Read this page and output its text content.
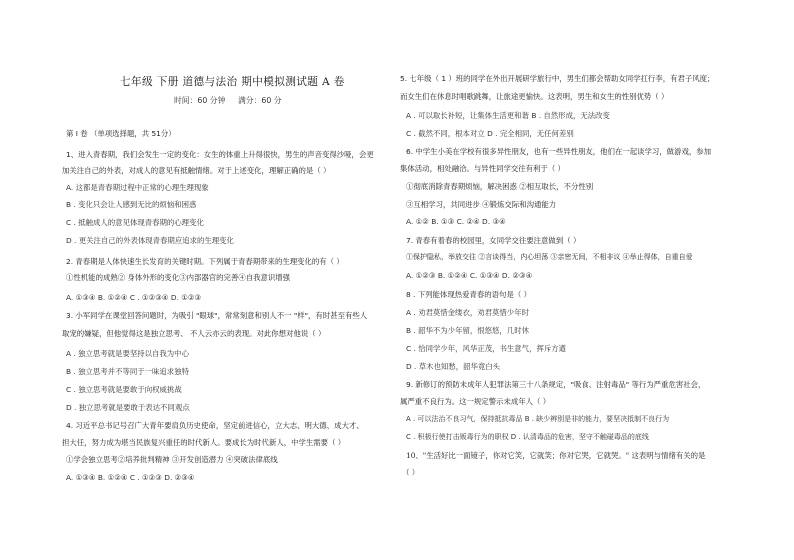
七年级 下册 道德与法治 期中模拟测试题 A 卷
时间：60 分钟 满分：60 分
第 I 卷 （单项选择题，共 51分）
1、进入青春期，我们会发生一定的变化：女生的体重上升得很快，男生的声音变得沙哑，会更
加关注自己的外表，对成人的意见有抵触情绪。对于上述变化，理解正确的是（ ）
A. 这都是青春期过程中正常的心理生理现象
B . 变化只会让人感到无比的烦恼和困惑
C . 抵触成人的意见体现青春期的心理变化
D . 更关注自己的外表体现青春期应追求的生理变化
2. 青春期是人体快速生长发育的关键时期。下列属于青春期带来的生理变化的有（ ）
①性机能的成熟② 身体外形的变化③内部器官的完善④自我意识增强
A. ①③④ B. ①②④ C . ①②③④ D. ①②③
3. 小军同学在课堂回答问题时，为吸引 "眼球"，常常刻意和别人不一 "样"，有时甚至有些人
取宠的嫌疑，但他觉得这是独立思考、 不人云亦云的表现。对此你想对他说（ ）
A . 独立思考就是要坚持以自我为中心
B . 独立思考并不等同于一味追求独特
C . 独立思考就是要敢于向权威挑战
D . 独立思考就是要敢于表达不同观点
4. 习近平总书记号召广大青年要肩负历史使命，坚定前进信心，立大志、明大德、成大才、
担大任，努力成为堪当民族复兴重任的时代新人。要成长为时代新人，中学生需要（ ）
①学会独立思考②培养批判精神 ③开发创造潜力 ④突破法律底线
A. ①③④ B. ①②④ C . ①②③ D. ②③④
5. 七年级（ 1 ）班的同学在外出开展研学旅行中，男生们都会帮助女同学扛行李，有君子风度；
而女生们在休息时唱歌跳舞，让旅途更愉快。这表明，男生和女生的性别优势（ ）
A . 可以取长补短，让集体生活更和谐 B . 自然形成，无法改变
C . 截然不同，根本对立 D . 完全相同，无任何差别
6. 中学生小美在学校有很多异性朋友，也有一些异性朋友，他们在一起谈学习，做游戏，参加
集体活动，相处融洽。与异性同学交往有利于（ ）
①彻底消除青春期烦恼，解决困惑 ②相互取长，不分性别
③互相学习，共同进步 ④锻炼交际和沟通能力
A. ①② B. ①③ C. ②④ D. ③④
7. 青春有着春的校园里，女同学交往要注意做到（ ）
①保护隐私，举放交往 ②言谈得当，内心坦荡 ③亲密无间，不相非议 ④举止得体，自重自爱
A. ①②③ B. ①②④ C. ①③④ D. ②③④
8 . 下列能体现热爱青春的语句是（ ）
A . 劝君莫惜金缕衣，劝君莫惜少年时
B . 韶华不为少年留，恨悠悠，几时休
C . 恰同学少年，风华正茂，书生意气，挥斥方遒
D . 草木也知愁，韶华竟白头
9. 新修订的预防未成年人犯罪法第三十八条规定，"吸食、注射毒品" 等行为严重危害社会，
属严重不良行为。这一规定警示未成年人（ ）
A . 可以法治不良习气，保持抵抗毒品 B . 缺少辨别是非的能力，要坚决抵制不良行为
C . 积极行使打击贩毒行为的职权 D . 认清毒品的危害，坚守不触碰毒品的底线
10、"生活好比一面镜子，你对它笑，它就笑；你对它哭，它就哭。" 这表明与情绪有关的是
（ ）
